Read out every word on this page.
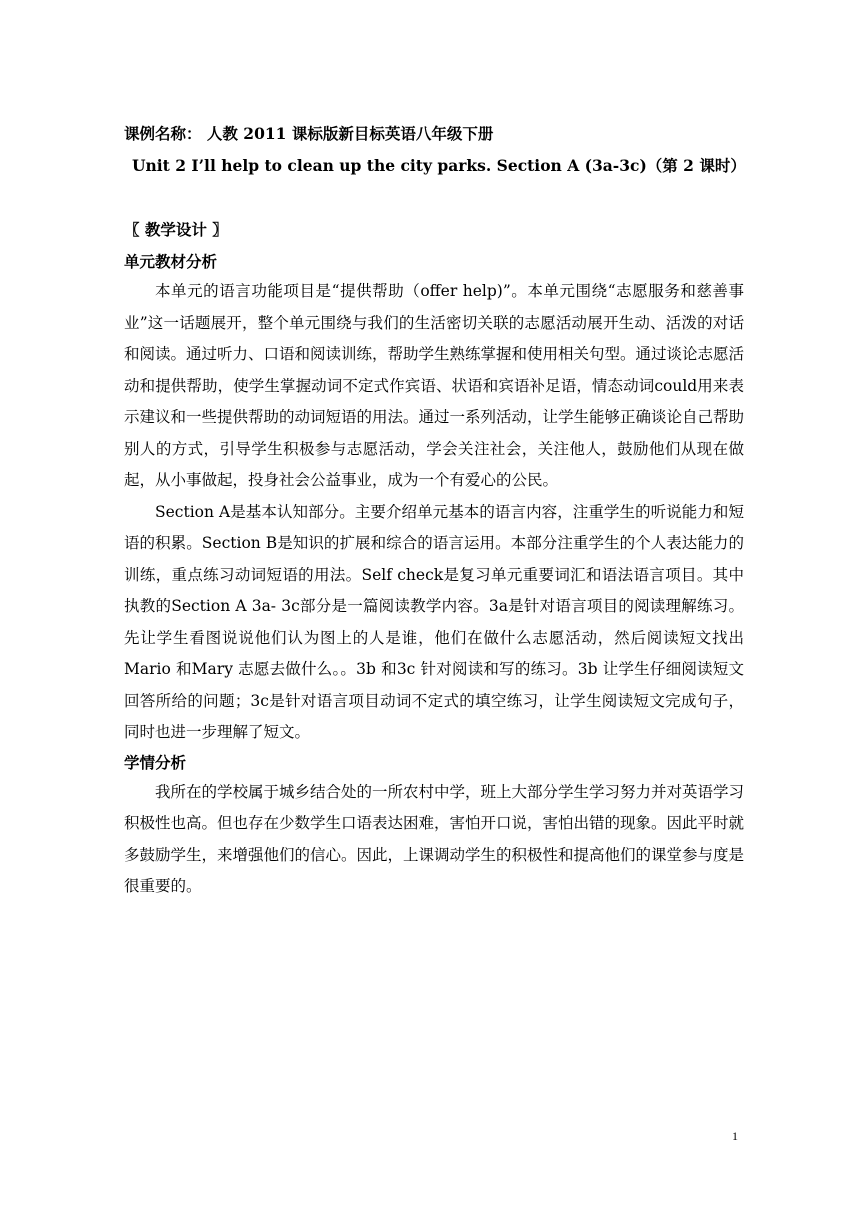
课例名称： 人教 2011 课标版新目标英语八年级下册
Unit 2 I’ll help to clean up the city parks. Section A (3a-3c)（第 2 课时）
〖 教学设计 〗
单元教材分析

本单元的语言功能项目是“提供帮助（offer help)”。本单元围绕“志愿服务和慈善事业”这一话题展开，整个单元围绕与我们的生活密切关联的志愿活动展开生动、活泼的对话和阅读。通过听力、口语和阅读训练，帮助学生熟练掌握和使用相关句型。通过谈论志愿活动和提供帮助，使学生掌握动词不定式作宾语、状语和宾语补足语，情态动词could用来表示建议和一些提供帮助的动词短语的用法。通过一系列活动，让学生能够正确谈论自己帮助别人的方式，引导学生积极参与志愿活动，学会关注社会，关注他人，鼓励他们从现在做起，从小事做起，投身社会公益事业，成为一个有爱心的公民。

Section A是基本认知部分。主要介绍单元基本的语言内容，注重学生的听说能力和短语的积累。Section B是知识的扩展和综合的语言运用。本部分注重学生的个人表达能力的训练，重点练习动词短语的用法。Self check是复习单元重要词汇和语法语言项目。其中执教的Section A 3a- 3c部分是一篇阅读教学内容。3a是针对语言项目的阅读理解练习。先让学生看图说说他们认为图上的人是谁，他们在做什么志愿活动，然后阅读短文找出Mario 和Mary 志愿去做什么。。3b 和3c 针对阅读和写的练习。3b 让学生仔细阅读短文回答所给的问题；3c是针对语言项目动词不定式的填空练习，让学生阅读短文完成句子，同时也进一步理解了短文。

学情分析

我所在的学校属于城乡结合处的一所农村中学，班上大部分学生学习努力并对英语学习积极性也高。但也存在少数学生口语表达困难，害怕开口说，害怕出错的现象。因此平时就多鼓励学生，来增强他们的信心。因此，上课调动学生的积极性和提高他们的课堂参与度是很重要的。

1
